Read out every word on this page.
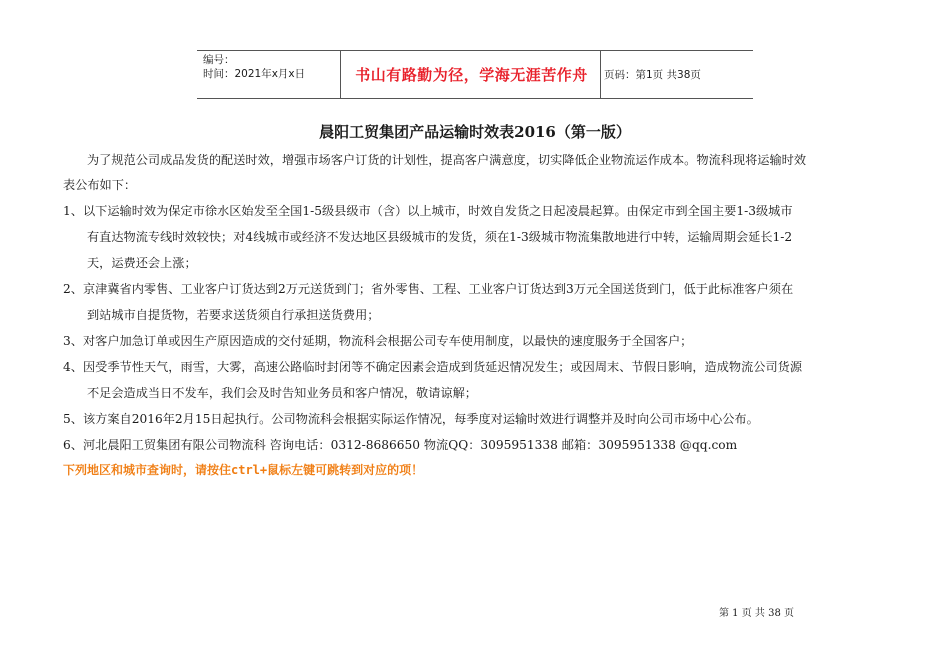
编号：
时间：2021年x月x日	书山有路勤为径，学海无涯苦作舟	页码：第1页 共38页
晨阳工贸集团产品运输时效表2016（第一版）
为了规范公司成品发货的配送时效，增强市场客户订货的计划性，提高客户满意度，切实降低企业物流运作成本。物流科现将运输时效
表公布如下：
1、以下运输时效为保定市徐水区始发至全国1-5级县级市（含）以上城市，时效自发货之日起凌晨起算。由保定市到全国主要1-3级城市
有直达物流专线时效较快；对4线城市或经济不发达地区县级城市的发货，须在1-3级城市物流集散地进行中转，运输周期会延长1-2
天，运费还会上涨；
2、京津冀省内零售、工业客户订货达到2万元送货到门；省外零售、工程、工业客户订货达到3万元全国送货到门，低于此标准客户须在
到站城市自提货物，若要求送货须自行承担送货费用；
3、对客户加急订单或因生产原因造成的交付延期，物流科会根据公司专车使用制度，以最快的速度服务于全国客户；
4、因受季节性天气，雨雪，大雾，高速公路临时封闭等不确定因素会造成到货延迟情况发生；或因周末、节假日影响，造成物流公司货源
不足会造成当日不发车，我们会及时告知业务员和客户情况，敬请谅解；
5、该方案自2016年2月15日起执行。公司物流科会根据实际运作情况，每季度对运输时效进行调整并及时向公司市场中心公布。
6、河北晨阳工贸集团有限公司物流科 咨询电话：0312-8686650 物流QQ：3095951338 邮箱：3095951338 @qq.com
下列地区和城市查询时，请按住ctrl+鼠标左键可跳转到对应的项！
第 1 页 共 38 页
